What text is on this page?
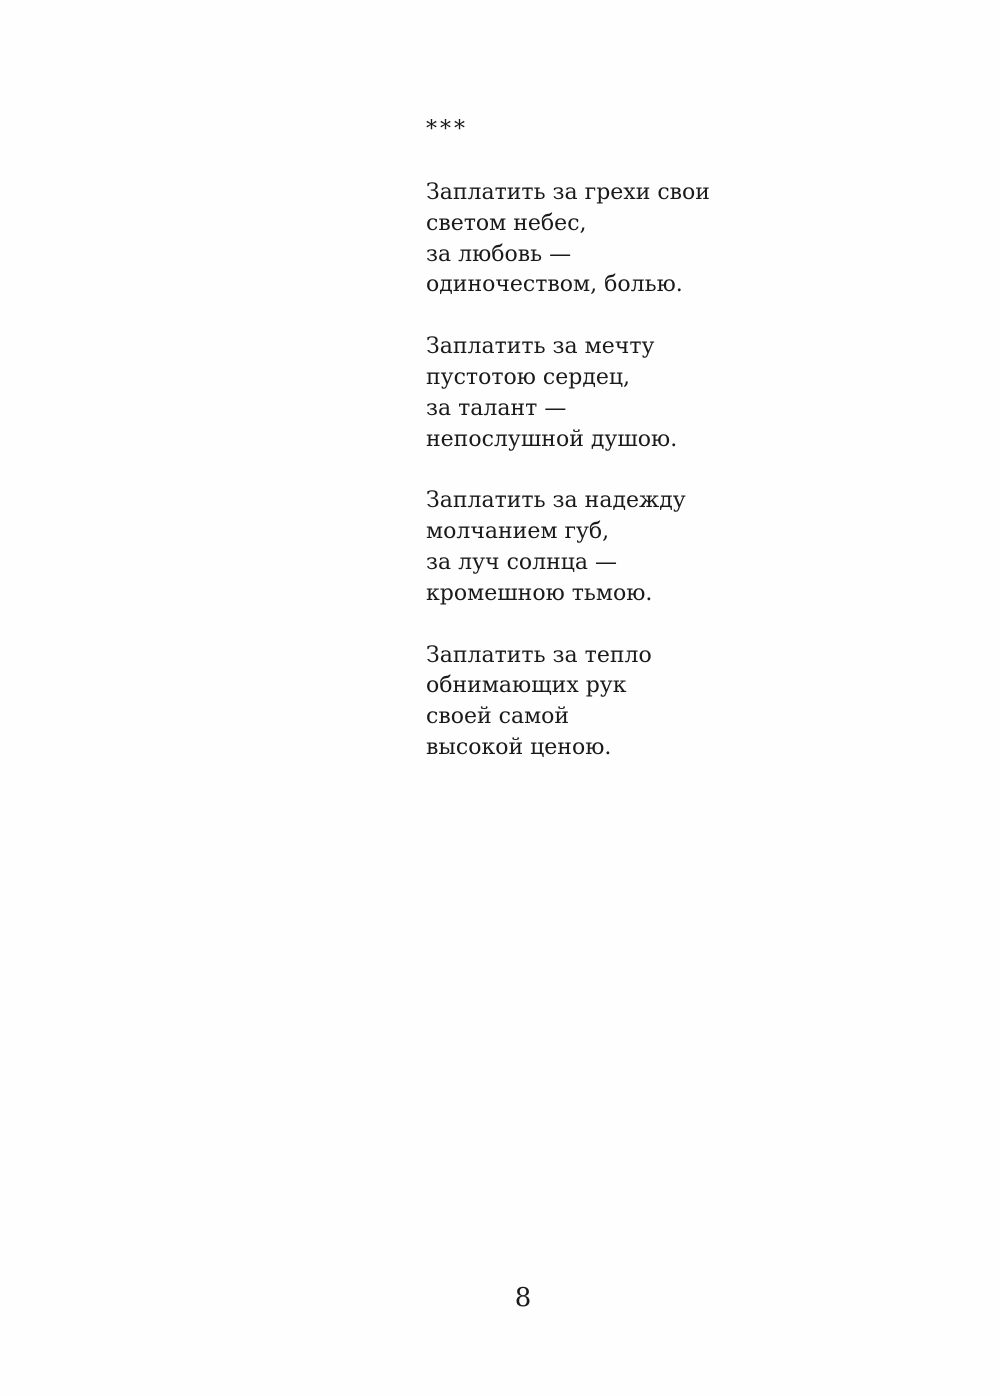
***
Заплатить за грехи свои
светом небес,
за любовь —
одиночеством, болью.
Заплатить за мечту
пустотою сердец,
за талант —
непослушной душою.
Заплатить за надежду
молчанием губ,
за луч солнца —
кромешною тьмою.
Заплатить за тепло
обнимающих рук
своей самой
высокой ценою.
8
